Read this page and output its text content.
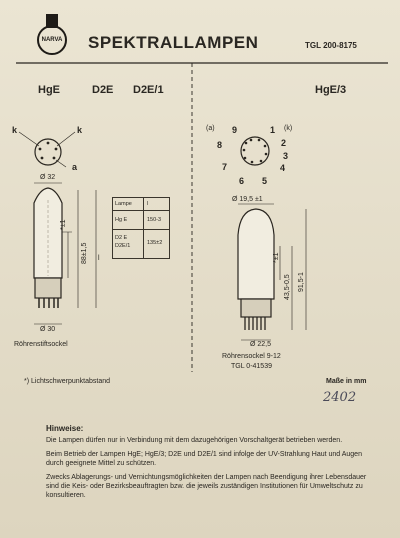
NARVA SPEKTRALLAMPEN	TGL 200-8175
HgE	D2E D2E/1
k	k
a
Ø 32
Ø 30
*±1
88±1,5 l
Röhrenstiftsockel
*) Lichtschwerpunktabstand
Lampe	l
Hg E	150-3
D2 E
D2E/1	135±2
HgE/3
(a)	(k)
9	1
2
3
4
5
6
7
8
Ø 19,5 ±1
Ø 22,5
*±1
43,5-0,5 91,5-1
Röhrensockel 9-12
TGL 0-41539
Maße in mm
2402

Hinweise:

Die Lampen dürfen nur in Verbindung mit dem dazugehörigen Vorschaltgerät betrieben werden.

Beim Betrieb der Lampen HgE; HgE/3; D2E und D2E/1 sind infolge der UV-Strahlung Haut und Augen durch geeignete Mittel zu schützen.

Zwecks Ablagerungs- und Vernichtungsmöglichkeiten der Lampen nach Beendigung ihrer Lebensdauer sind die Keis- oder Bezirksbeauftragten bzw. die jeweils zuständigen Institutionen für Umweltschutz zu konsultieren.
